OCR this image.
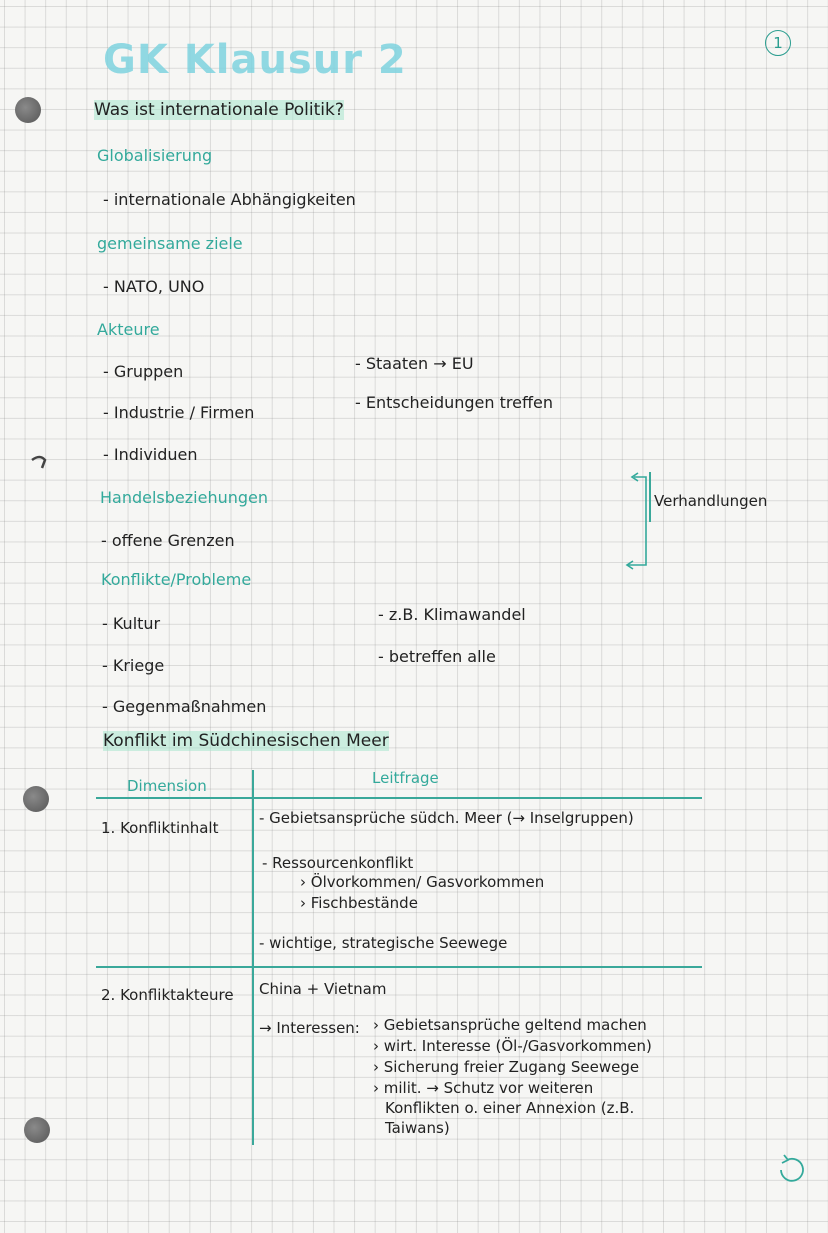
1
GK Klausur 2
Was ist internationale Politik?
Globalisierung
- internationale Abhängigkeiten
gemeinsame ziele
- NATO, UNO
Akteure
- Gruppen
- Industrie / Firmen
- Individuen
- Staaten → EU
- Entscheidungen treffen
Handelsbeziehungen
- offene Grenzen
Verhandlungen
Konflikte/Probleme
- Kultur
- Kriege
- Gegenmaßnahmen
- z.B. Klimawandel
- betreffen alle
Konflikt im Südchinesischen Meer
Dimension	Leitfrage
1. Konfliktinhalt
- Gebietsansprüche südch. Meer (→ Inselgruppen)
- Ressourcenkonflikt
› Ölvorkommen/ Gasvorkommen
› Fischbestände
- wichtige, strategische Seewege
2. Konfliktakteure China + Vietnam
→ Interessen: › Gebietsansprüche geltend machen
› wirt. Interesse (Öl-/Gasvorkommen)
› Sicherung freier Zugang Seewege
› milit. → Schutz vor weiteren
Konflikten o. einer Annexion (z.B.
Taiwans)
